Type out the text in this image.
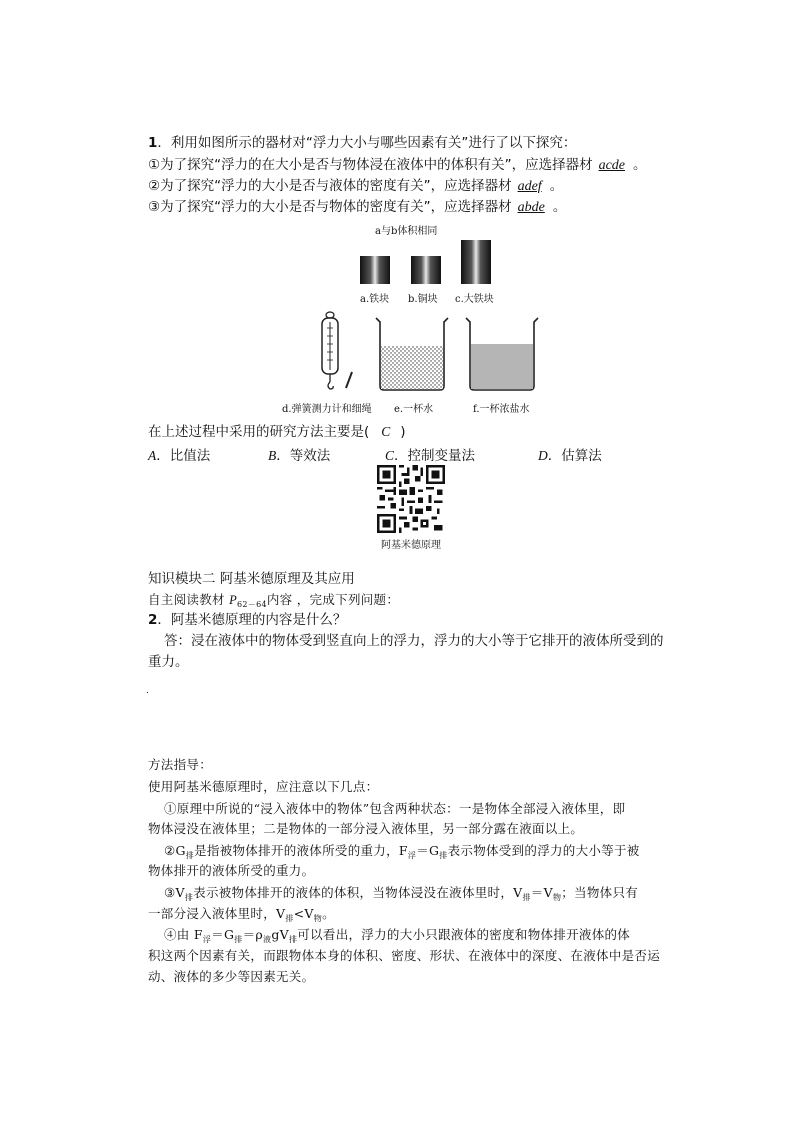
1．利用如图所示的器材对“浮力大小与哪些因素有关”进行了以下探究：
①为了探究“浮力的在大小是否与物体浸在液体中的体积有关”，应选择器材 acde 。
②为了探究“浮力的大小是否与液体的密度有关”，应选择器材 adef 。
③为了探究“浮力的大小是否与物体的密度有关”，应选择器材 abde 。
a与b体积相同
a.铁块 b.铜块 c.大铁块
d.弹簧测力计和细绳 e.一杯水	f.一杯浓盐水
在上述过程中采用的研究方法主要是( C )
A．比值法	B．等效法	C．控制变量法	D．估算法
阿基米德原理
知识模块二 阿基米德原理及其应用
自主阅读教材 $P_{62-64}$内容 ，完成下列问题：
2．阿基米德原理的内容是什么？
答：浸在液体中的物体受到竖直向上的浮力，浮力的大小等于它排开的液体所受到的
重力。
.
方法指导：
使用阿基米德原理时，应注意以下几点：
①原理中所说的“浸入液体中的物体”包含两种状态：一是物体全部浸入液体里，即
物体浸没在液体里；二是物体的一部分浸入液体里，另一部分露在液面以上。
$②G_排$是指被物体排开的液体所受的重力，$F_浮=G_排$表示物体受到的浮力的大小等于被
物体排开的液体所受的重力。
$③V_排$表示被物体排开的液体的体积，当物体浸没在液体里时，$V_排=V_物$；当物体只有
一部分浸入液体里时，$V_排<V_物$。
④由 $F_浮=G_排=\rho_液gV_排$可以看出，浮力的大小只跟液体的密度和物体排开液体的体
积这两个因素有关，而跟物体本身的体积、密度、形状、在液体中的深度、在液体中是否运
动、液体的多少等因素无关。
